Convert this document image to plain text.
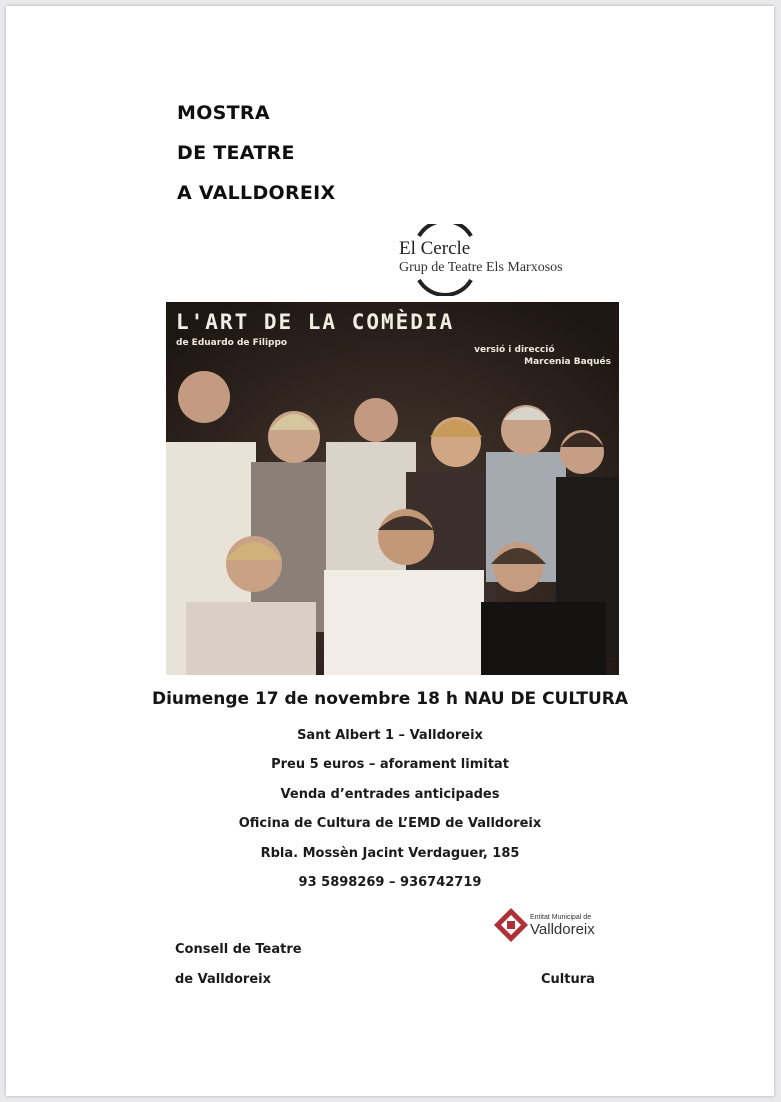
MOSTRA
DE TEATRE
A VALLDOREIX
El Cercle
Grup de Teatre Els Marxosos
L'ART DE LA COMÈDIA
de Eduardo de Filippo
versió i direcció
Marcenia Baqués
Diumenge 17 de novembre 18 h NAU DE CULTURA
Sant Albert 1 – Valldoreix
Preu 5 euros – aforament limitat
Venda d’entrades anticipades
Oficina de Cultura de L’EMD de Valldoreix
Rbla. Mossèn Jacint Verdaguer, 185
93 5898269 – 936742719
Consell de Teatre
de Valldoreix
Entitat Municipal de
Valldoreix
Cultura
